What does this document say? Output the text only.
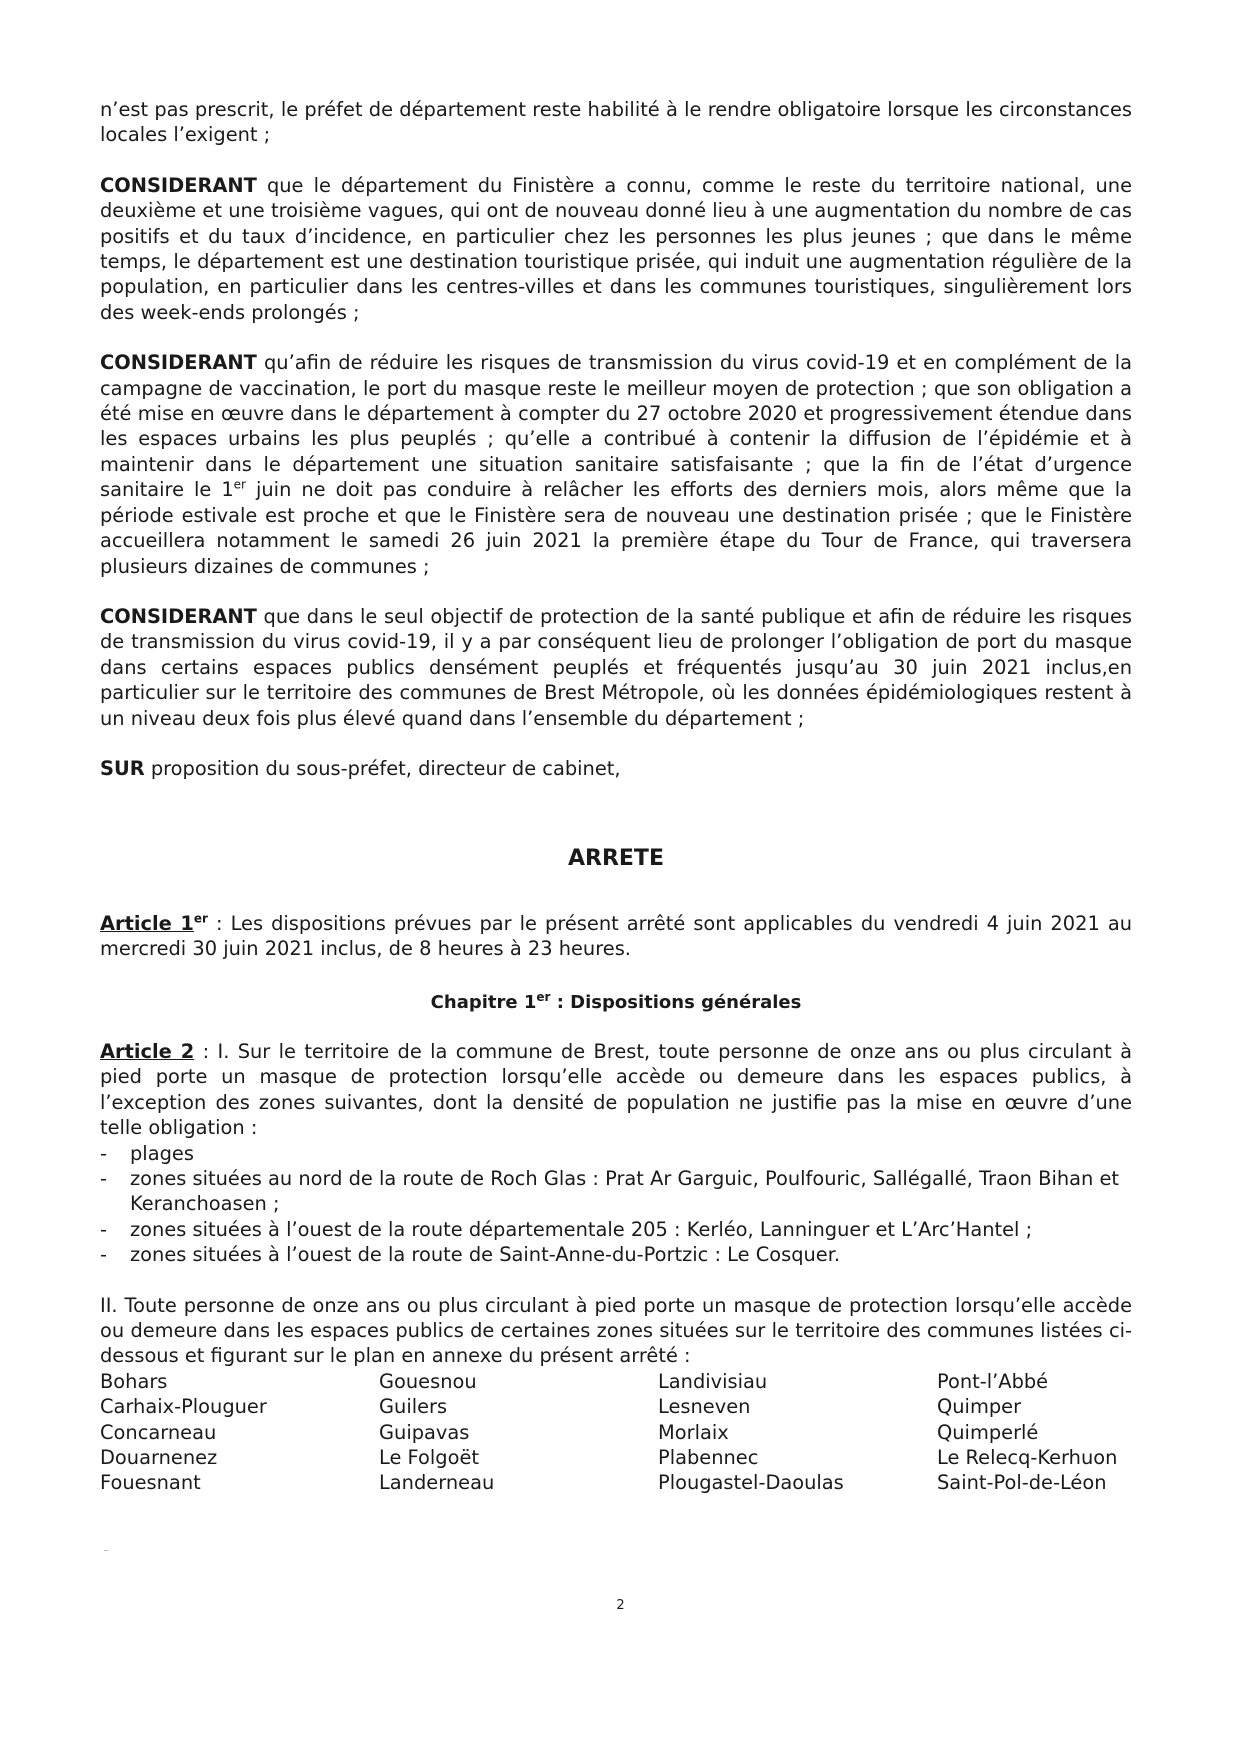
n’est pas prescrit, le préfet de département reste habilité à le rendre obligatoire lorsque les circonstances locales l’exigent ;

CONSIDERANT que le département du Finistère a connu, comme le reste du territoire national, une deuxième et une troisième vagues, qui ont de nouveau donné lieu à une augmentation du nombre de cas positifs et du taux d’incidence, en particulier chez les personnes les plus jeunes ; que dans le même temps, le département est une destination touristique prisée, qui induit une augmentation régulière de la population, en particulier dans les centres-villes et dans les communes touristiques, singulièrement lors des week-ends prolongés ;

CONSIDERANT qu’afin de réduire les risques de transmission du virus covid-19 et en complément de la campagne de vaccination, le port du masque reste le meilleur moyen de protection ; que son obligation a été mise en œuvre dans le département à compter du 27 octobre 2020 et progressivement étendue dans les espaces urbains les plus peuplés ; qu’elle a contribué à contenir la diffusion de l’épidémie et à maintenir dans le département une situation sanitaire satisfaisante ; que la fin de l’état d’urgence sanitaire le 1er juin ne doit pas conduire à relâcher les efforts des derniers mois, alors même que la période estivale est proche et que le Finistère sera de nouveau une destination prisée ; que le Finistère accueillera notamment le samedi 26 juin 2021 la première étape du Tour de France, qui traversera plusieurs dizaines de communes ;

CONSIDERANT que dans le seul objectif de protection de la santé publique et afin de réduire les risques de transmission du virus covid-19, il y a par conséquent lieu de prolonger l’obligation de port du masque dans certains espaces publics densément peuplés et fréquentés jusqu’au 30 juin 2021 inclus,en particulier sur le territoire des communes de Brest Métropole, où les données épidémiologiques restent à un niveau deux fois plus élevé quand dans l’ensemble du département ;

SUR proposition du sous-préfet, directeur de cabinet,

ARRETE

Article 1er : Les dispositions prévues par le présent arrêté sont applicables du vendredi 4 juin 2021 au mercredi 30 juin 2021 inclus, de 8 heures à 23 heures.

Chapitre 1er : Dispositions générales

Article 2 : I. Sur le territoire de la commune de Brest, toute personne de onze ans ou plus circulant à pied porte un masque de protection lorsqu’elle accède ou demeure dans les espaces publics, à l’exception des zones suivantes, dont la densité de population ne justifie pas la mise en œuvre d’une telle obligation :

- plages
- zones situées au nord de la route de Roch Glas : Prat Ar Garguic, Poulfouric, Sallégallé, Traon Bihan et Keranchoasen ;
- zones situées à l’ouest de la route départementale 205 : Kerléo, Lanninguer et L’Arc’Hantel ;
- zones situées à l’ouest de la route de Saint-Anne-du-Portzic : Le Cosquer.

II. Toute personne de onze ans ou plus circulant à pied porte un masque de protection lorsqu’elle accède ou demeure dans les espaces publics de certaines zones situées sur le territoire des communes listées ci-dessous et figurant sur le plan en annexe du présent arrêté :

Bohars
Carhaix-Plouguer
Concarneau
Douarnenez
Fouesnant
Gouesnou
Guilers
Guipavas
Le Folgoët
Landerneau
Landivisiau
Lesneven
Morlaix
Plabennec
Plougastel-Daoulas
Pont-l’Abbé
Quimper
Quimperlé
Le Relecq-Kerhuon
Saint-Pol-de-Léon
2
